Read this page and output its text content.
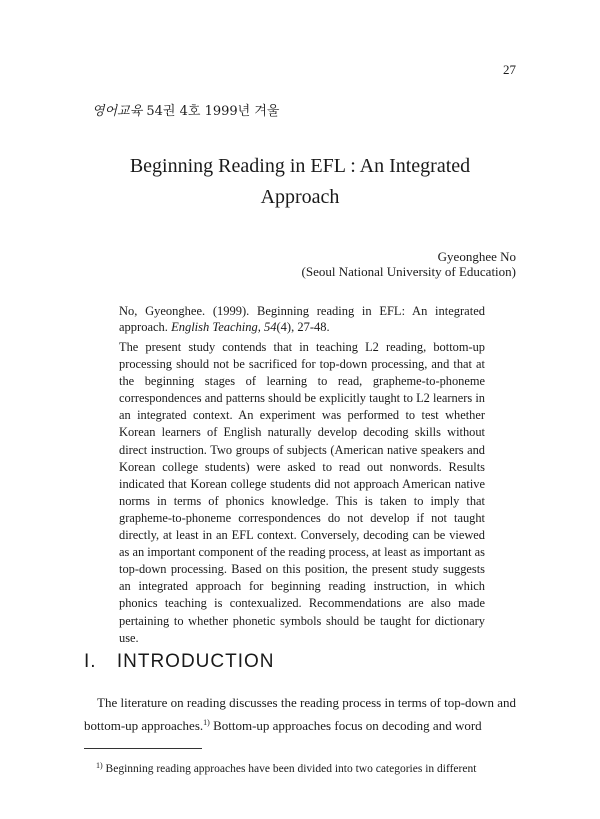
27
영어교육 54권 4호 1999년 겨울
Beginning Reading in EFL : An Integrated
Approach
Gyeonghee No
(Seoul National University of Education)
No, Gyeonghee. (1999). Beginning reading in EFL: An integrated approach. English Teaching, 54(4), 27-48.
The present study contends that in teaching L2 reading, bottom-up processing should not be sacrificed for top-down processing, and that at the beginning stages of learning to read, grapheme-to-phoneme correspondences and patterns should be explicitly taught to L2 learners in an integrated context. An experiment was performed to test whether Korean learners of English naturally develop decoding skills without direct instruction. Two groups of subjects (American native speakers and Korean college students) were asked to read out nonwords. Results indicated that Korean college students did not approach American native norms in terms of phonics knowledge. This is taken to imply that grapheme-to-phoneme correspondences do not develop if not taught directly, at least in an EFL context. Conversely, decoding can be viewed as an important component of the reading process, at least as important as top-down processing. Based on this position, the present study suggests an integrated approach for beginning reading instruction, in which phonics teaching is contexualized. Recommendations are also made pertaining to whether phonetic symbols should be taught for dictionary use.
I. INTRODUCTION
The literature on reading discusses the reading process in terms of top-down and bottom-up approaches.$^{1)}$ Bottom-up approaches focus on decoding and word
$^{1)}$ Beginning reading approaches have been divided into two categories in different
